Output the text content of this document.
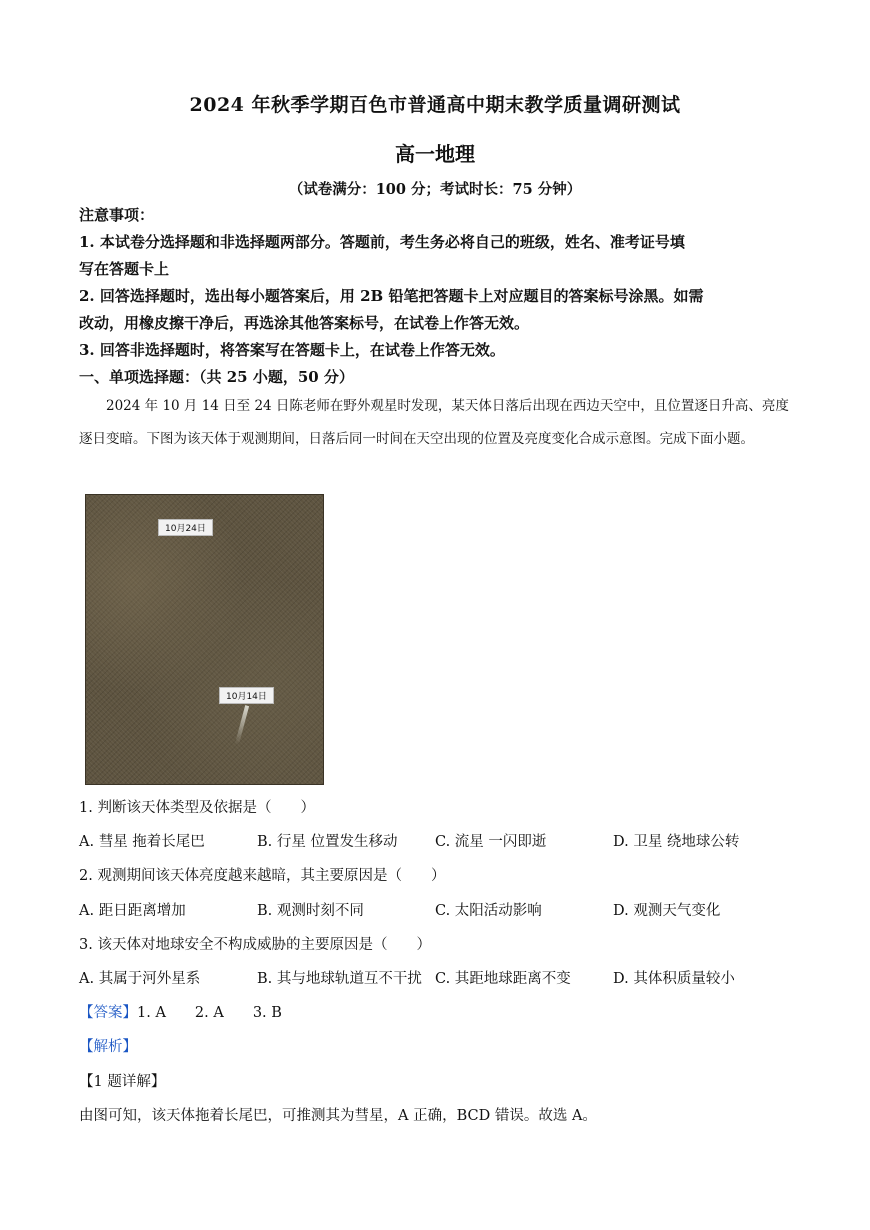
2024 年秋季学期百色市普通高中期末教学质量调研测试
高一地理
（试卷满分：100 分；考试时长：75 分钟）
注意事项：
1. 本试卷分选择题和非选择题两部分。答题前，考生务必将自己的班级，姓名、准考证号填
写在答题卡上
2. 回答选择题时，选出每小题答案后，用 2B 铅笔把答题卡上对应题目的答案标号涂黑。如需
改动，用橡皮擦干净后，再选涂其他答案标号，在试卷上作答无效。
3. 回答非选择题时，将答案写在答题卡上，在试卷上作答无效。
一、单项选择题：（共 25 小题，50 分）
2024 年 10 月 14 日至 24 日陈老师在野外观星时发现，某天体日落后出现在西边天空中，且位置逐日升高、亮度逐日变暗。下图为该天体于观测期间，日落后同一时间在天空出现的位置及亮度变化合成示意图。完成下面小题。
10月24日
10月14日
1. 判断该天体类型及依据是（　　）
A. 彗星 拖着长尾巴	B. 行星 位置发生移动	C. 流星 一闪即逝	D. 卫星 绕地球公转
2. 观测期间该天体亮度越来越暗，其主要原因是（　　）
A. 距日距离增加	B. 观测时刻不同	C. 太阳活动影响	D. 观测天气变化
3. 该天体对地球安全不构成威胁的主要原因是（　　）
A. 其属于河外星系	B. 其与地球轨道互不干扰 C. 其距地球距离不变	D. 其体积质量较小
【答案】1. A　　2. A　　3. B
【解析】
【1 题详解】
由图可知，该天体拖着长尾巴，可推测其为彗星，A 正确，BCD 错误。故选 A。
